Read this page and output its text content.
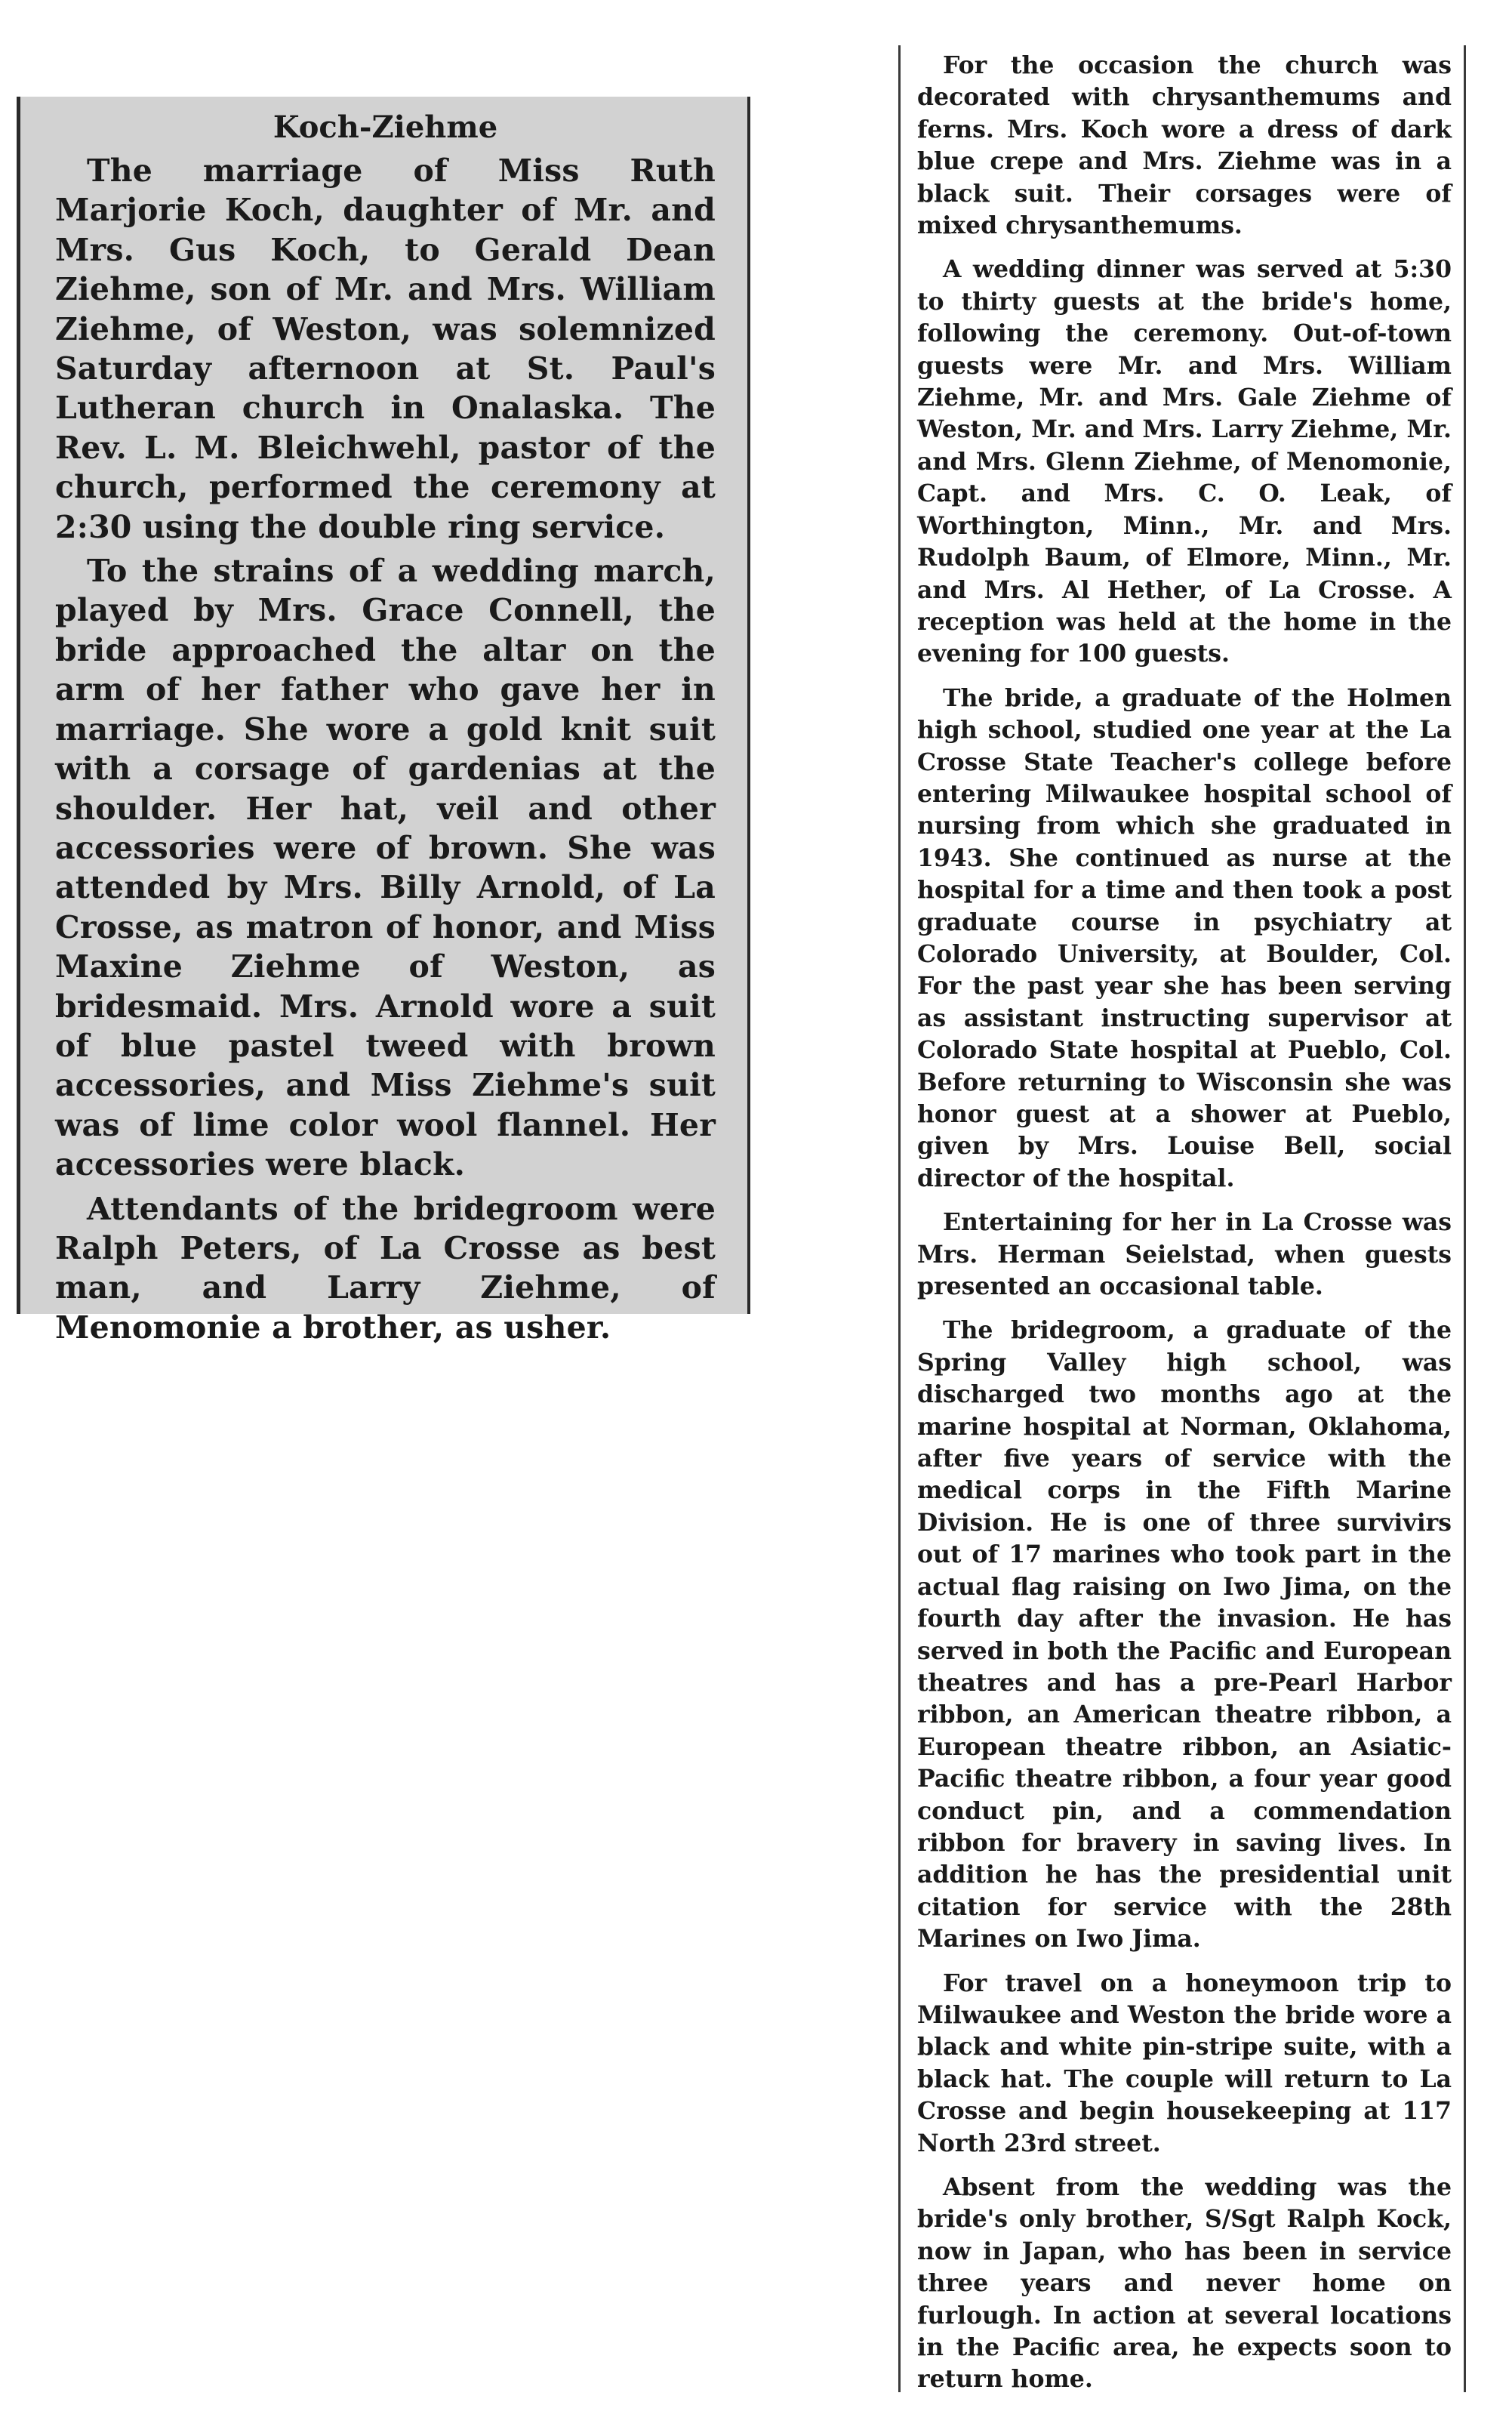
Koch-Ziehme

The marriage of Miss Ruth Marjorie Koch, daughter of Mr. and Mrs. Gus Koch, to Gerald Dean Ziehme, son of Mr. and Mrs. William Ziehme, of Weston, was solemnized Saturday afternoon at St. Paul's Lutheran church in Onalaska. The Rev. L. M. Bleichwehl, pastor of the church, performed the ceremony at 2:30 using the double ring service.

To the strains of a wedding march, played by Mrs. Grace Connell, the bride approached the altar on the arm of her father who gave her in marriage. She wore a gold knit suit with a corsage of gardenias at the shoulder. Her hat, veil and other accessories were of brown. She was attended by Mrs. Billy Arnold, of La Crosse, as matron of honor, and Miss Maxine Ziehme of Weston, as bridesmaid. Mrs. Arnold wore a suit of blue pastel tweed with brown accessories, and Miss Ziehme's suit was of lime color wool flannel. Her accessories were black.

Attendants of the bridegroom were Ralph Peters, of La Crosse as best man, and Larry Ziehme, of Menomonie a brother, as usher.

For the occasion the church was decorated with chrysanthemums and ferns. Mrs. Koch wore a dress of dark blue crepe and Mrs. Ziehme was in a black suit. Their corsages were of mixed chrysanthemums.

A wedding dinner was served at 5:30 to thirty guests at the bride's home, following the ceremony. Out-of-town guests were Mr. and Mrs. William Ziehme, Mr. and Mrs. Gale Ziehme of Weston, Mr. and Mrs. Larry Ziehme, Mr. and Mrs. Glenn Ziehme, of Menomonie, Capt. and Mrs. C. O. Leak, of Worthington, Minn., Mr. and Mrs. Rudolph Baum, of Elmore, Minn., Mr. and Mrs. Al Hether, of La Crosse. A reception was held at the home in the evening for 100 guests.

The bride, a graduate of the Holmen high school, studied one year at the La Crosse State Teacher's college before entering Milwaukee hospital school of nursing from which she graduated in 1943. She continued as nurse at the hospital for a time and then took a post graduate course in psychiatry at Colorado University, at Boulder, Col. For the past year she has been serving as assistant instructing supervisor at Colorado State hospital at Pueblo, Col. Before returning to Wisconsin she was honor guest at a shower at Pueblo, given by Mrs. Louise Bell, social director of the hospital.

Entertaining for her in La Crosse was Mrs. Herman Seielstad, when guests presented an occasional table.

The bridegroom, a graduate of the Spring Valley high school, was discharged two months ago at the marine hospital at Norman, Oklahoma, after five years of service with the medical corps in the Fifth Marine Division. He is one of three survivirs out of 17 marines who took part in the actual flag raising on Iwo Jima, on the fourth day after the invasion. He has served in both the Pacific and European theatres and has a pre-Pearl Harbor ribbon, an American theatre ribbon, a European theatre ribbon, an Asiatic-Pacific theatre ribbon, a four year good conduct pin, and a commendation ribbon for bravery in saving lives. In addition he has the presidential unit citation for service with the 28th Marines on Iwo Jima.

For travel on a honeymoon trip to Milwaukee and Weston the bride wore a black and white pin-stripe suite, with a black hat. The couple will return to La Crosse and begin housekeeping at 117 North 23rd street.

Absent from the wedding was the bride's only brother, S/Sgt Ralph Kock, now in Japan, who has been in service three years and never home on furlough. In action at several locations in the Pacific area, he expects soon to return home.
